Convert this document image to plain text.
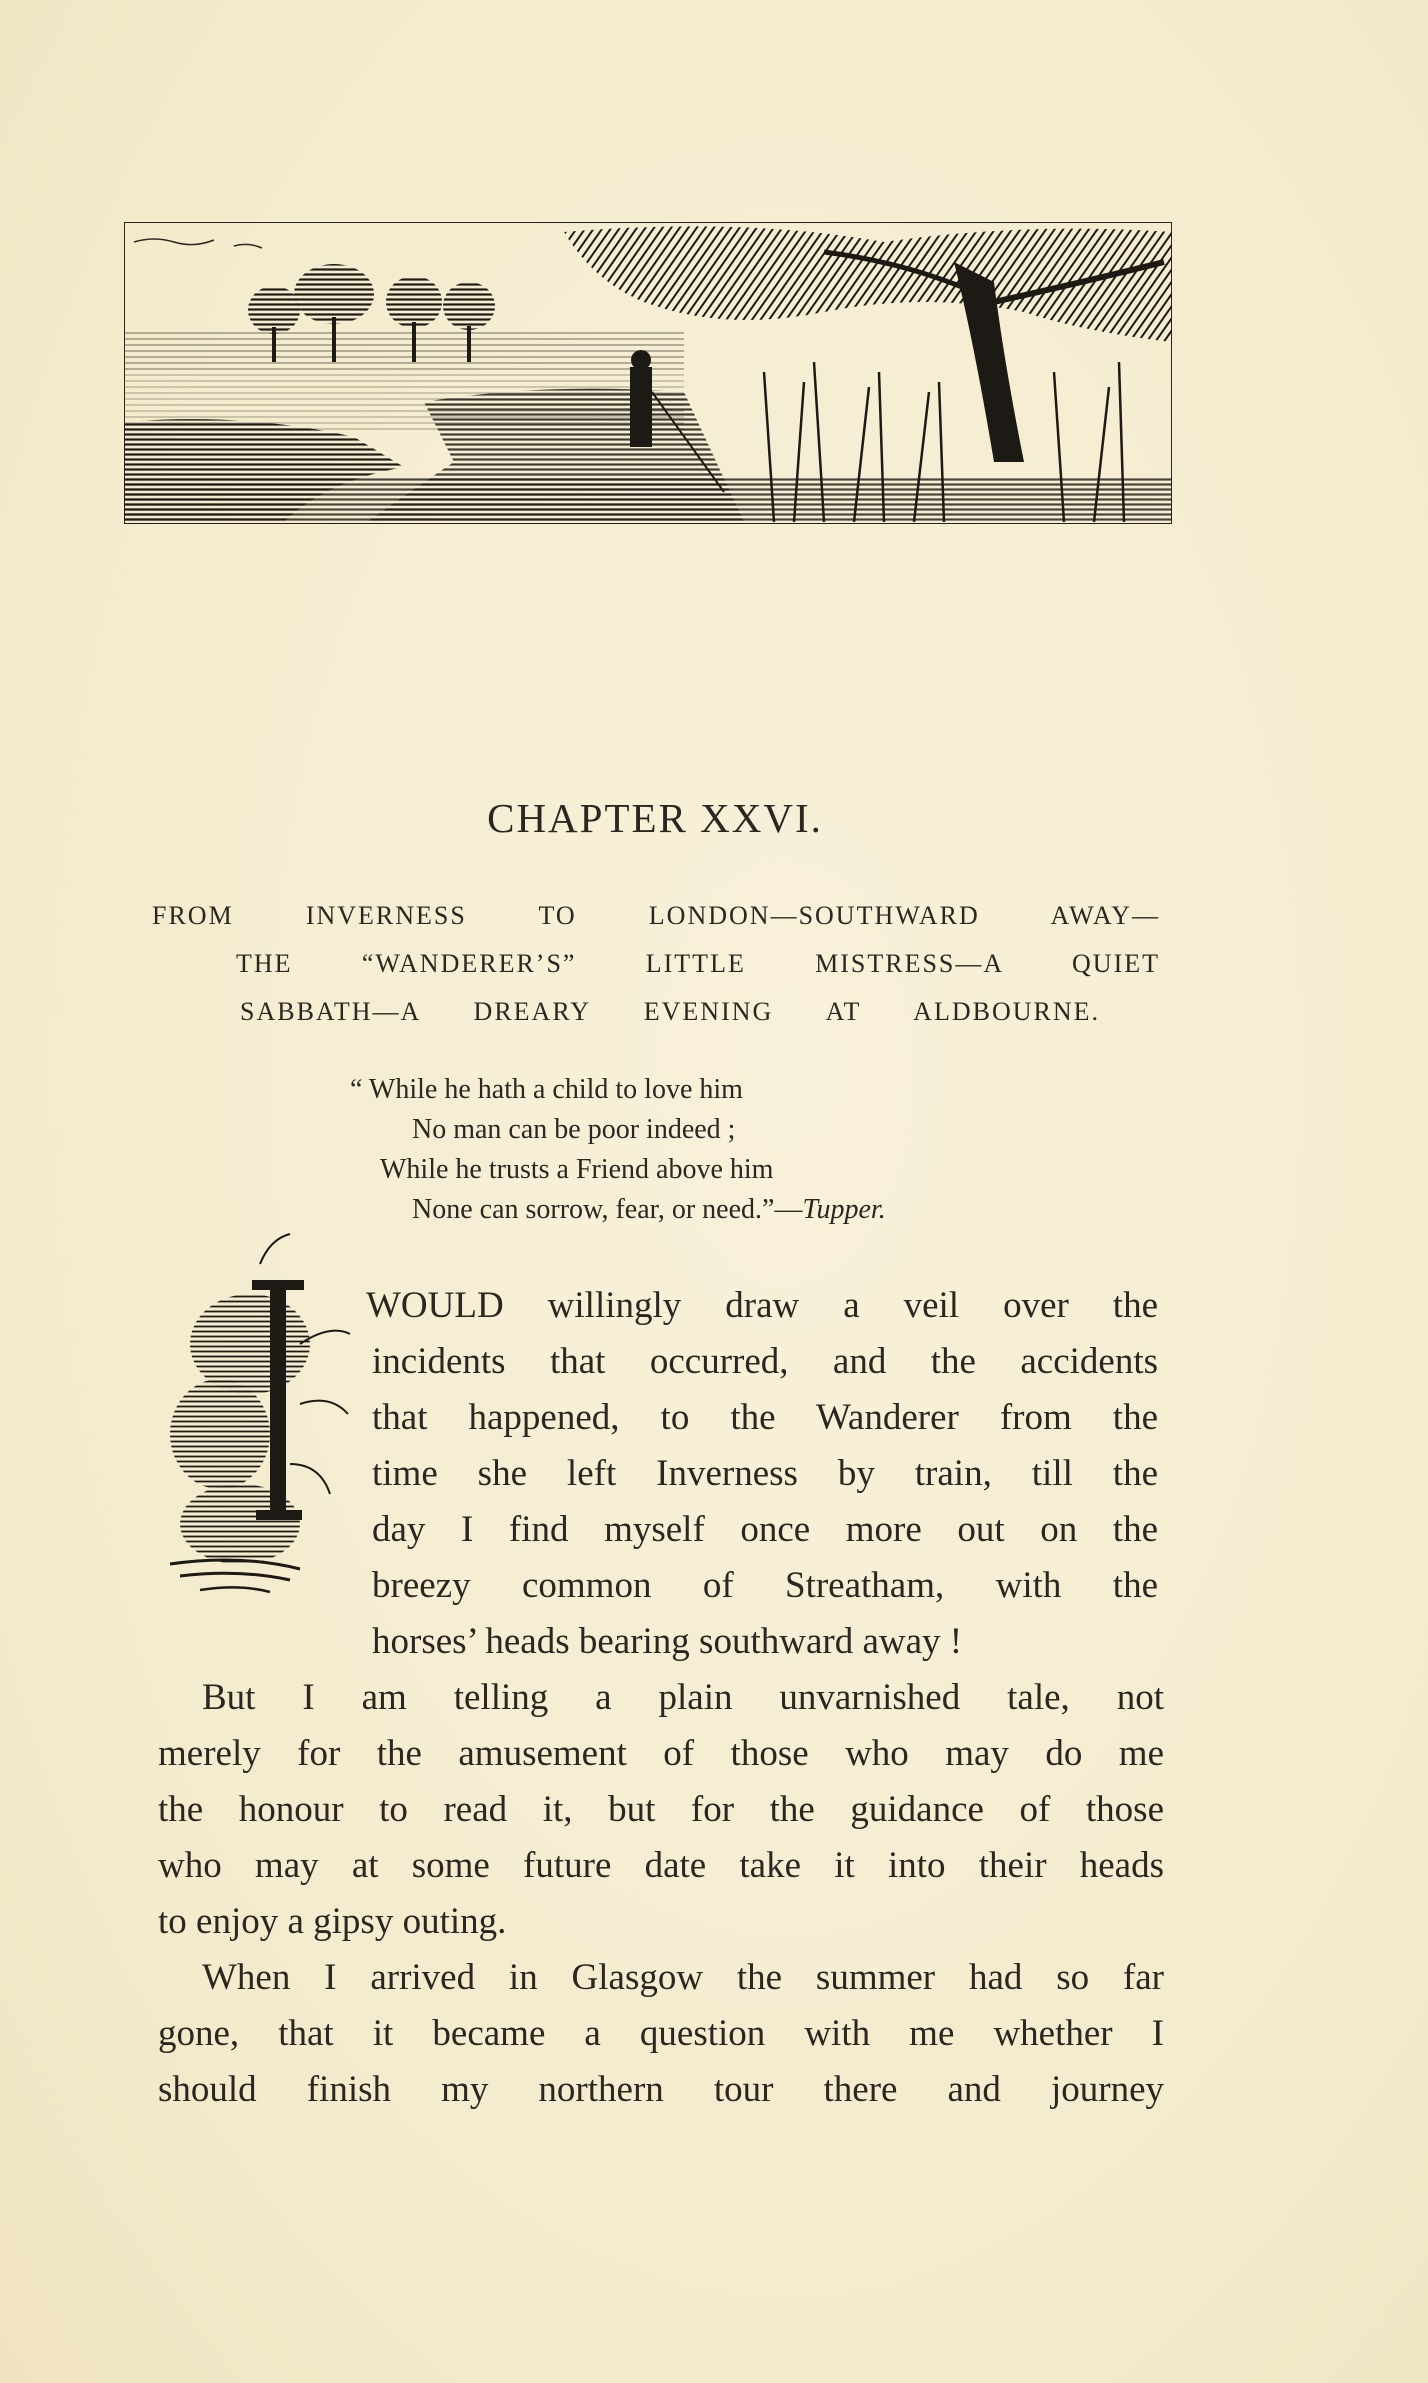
CHAPTER XXVI.
FROM INVERNESS TO LONDON—SOUTHWARD AWAY—
THE “WANDERER’S” LITTLE MISTRESS—A QUIET
SABBATH—A DREARY EVENING AT ALDBOURNE.
“ While he hath a child to love him
No man can be poor indeed ;
While he trusts a Friend above him
None can sorrow, fear, or need.”—Tupper.
WOULD willingly draw a veil over the
incidents that occurred, and the accidents
that happened, to the Wanderer from the
time she left Inverness by train, till the
day I find myself once more out on the
breezy common of Streatham, with the
horses’ heads bearing southward away !
But I am telling a plain unvarnished tale, not
merely for the amusement of those who may do me
the honour to read it, but for the guidance of those
who may at some future date take it into their heads
to enjoy a gipsy outing.
When I arrived in Glasgow the summer had so far
gone, that it became a question with me whether I
should finish my northern tour there and journey
